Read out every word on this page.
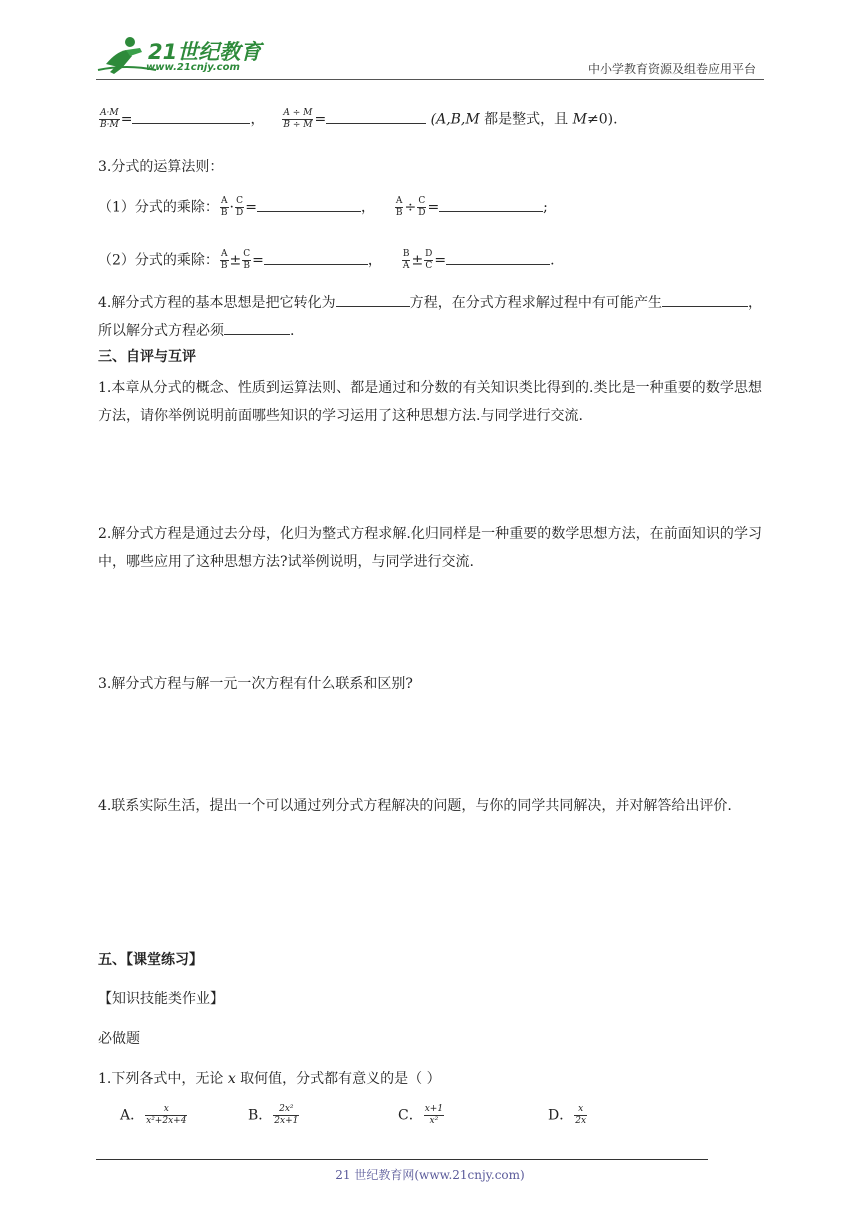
21世纪教育
www.21cnjy.com	中小学教育资源及组卷应用平台
$\frac{A\cdot M}{B\cdot M}$ =	， $\frac{A \div M}{B \div M}$ =	(A,B,M 都是整式，且 M≠0).
3.分式的运算法则：
（1）分式的乘除： $\frac{A}{B} \cdot \frac{C}{D}$ =	， $\frac{A}{B} \div \frac{C}{D}$ =	;
（2）分式的乘除： $\frac{A}{B} \pm \frac{C}{B}$ =	， $\frac{B}{A} \pm \frac{D}{C}$ =	.
4.解分式方程的基本思想是把它转化为	方程，在分式方程求解过程中有可能产生	，所以解分式方程必须	.
三、自评与互评
1.本章从分式的概念、性质到运算法则、都是通过和分数的有关知识类比得到的.类比是一种重要的数学思想方法，请你举例说明前面哪些知识的学习运用了这种思想方法.与同学进行交流.
2.解分式方程是通过去分母，化归为整式方程求解.化归同样是一种重要的数学思想方法，在前面知识的学习中，哪些应用了这种思想方法?试举例说明，与同学进行交流.
3.解分式方程与解一元一次方程有什么联系和区别?
4.联系实际生活，提出一个可以通过列分式方程解决的问题，与你的同学共同解决，并对解答给出评价.
五、【课堂练习】
【知识技能类作业】
必做题
1.下列各式中，无论 x 取何值，分式都有意义的是（ ）
A． $\frac{x}{\text{x²+2x+4}}$	B． $\frac{\text{2x²}}{2x+1}$	C． $\frac{x+1}{\text{x²}}$	D． $\frac{x}{2x}$
21 世纪教育网(www.21cnjy.com)
